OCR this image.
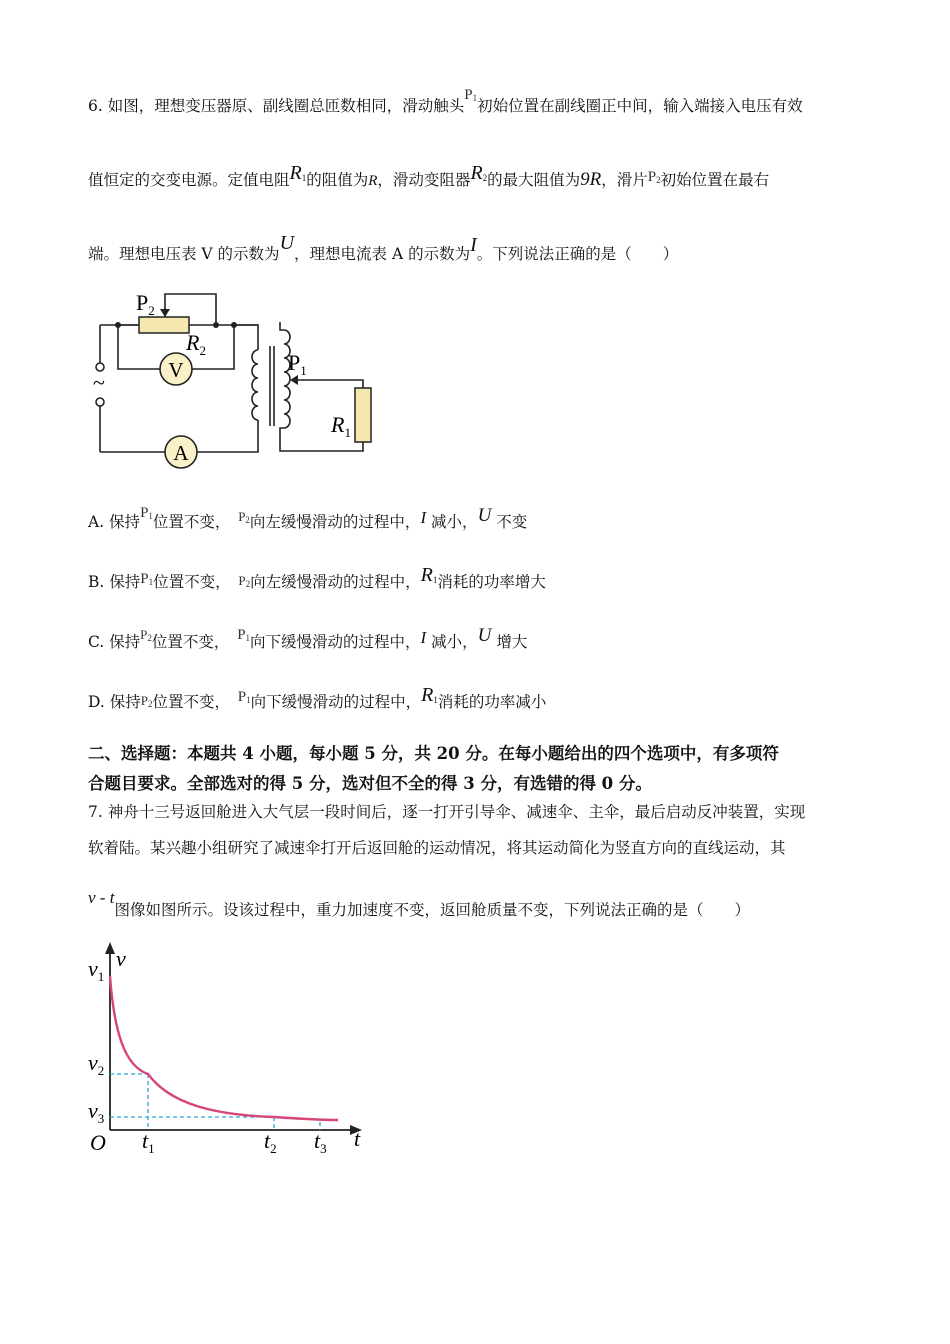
6. 如图，理想变压器原、副线圈总匝数相同，滑动触头$P_1$初始位置在副线圈正中间，输入端接入电压有效
值恒定的交变电源。定值电阻$R_1$的阻值为R，滑动变阻器$R_2$的最大阻值为9R，滑片$P_2$初始位置在最右
端。理想电压表 V 的示数为U，理想电流表 A 的示数为I。下列说法正确的是（　　）
$P_2$
$R_2$
V
~
A
$P_1$
$R_1$
A. 保持$P_1$位置不变，　 $^{P_2}$向左缓慢滑动的过程中，I 减小，U 不变
B. 保持$P_1$位置不变，　 $P_2$向左缓慢滑动的过程中，$R_1$消耗的功率增大
C. 保持$^{P_2}$位置不变，　 $P_1$向下缓慢滑动的过程中，I 减小，U 增大
D. 保持$P_2$位置不变，　 $P_1$向下缓慢滑动的过程中，$R_1$消耗的功率减小
二、选择题：本题共 4 小题，每小题 5 分，共 20 分。在每小题给出的四个选项中，有多项符
合题目要求。全部选对的得 5 分，选对但不全的得 3 分，有选错的得 0 分。
7. 神舟十三号返回舱进入大气层一段时间后，逐一打开引导伞、减速伞、主伞，最后启动反冲装置，实现
软着陆。某兴趣小组研究了减速伞打开后返回舱的运动情况，将其运动简化为竖直方向的直线运动，其
v - t图像如图所示。设该过程中，重力加速度不变，返回舱质量不变，下列说法正确的是（　　）
v
t
O
$v_1$
$v_2$
$v_3$
$t_1$	$t_2$ $t_3$
